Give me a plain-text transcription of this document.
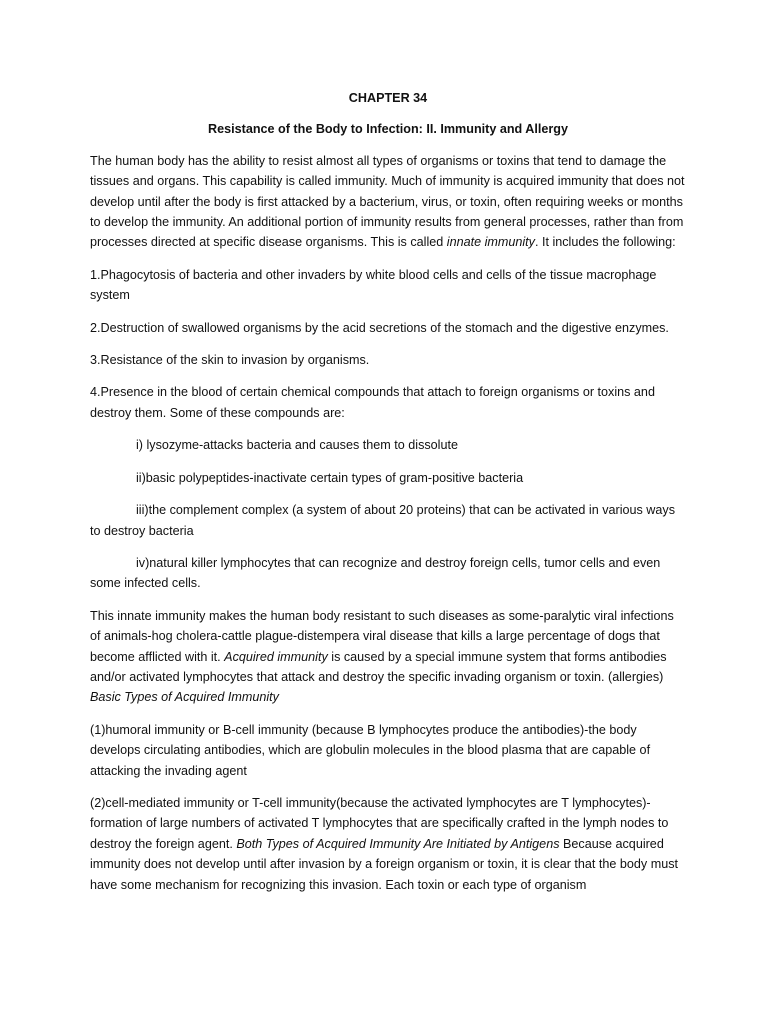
CHAPTER 34

Resistance of the Body to Infection: II. Immunity and Allergy

The human body has the ability to resist almost all types of organisms or toxins that tend to damage the tissues and organs. This capability is called immunity. Much of immunity is acquired immunity that does not develop until after the body is first attacked by a bacterium, virus, or toxin, often requiring weeks or months to develop the immunity. An additional portion of immunity results from general processes, rather than from processes directed at specific disease organisms. This is called innate immunity. It includes the following:

1.Phagocytosis of bacteria and other invaders by white blood cells and cells of the tissue macrophage system

2.Destruction of swallowed organisms by the acid secretions of the stomach and the digestive enzymes.

3.Resistance of the skin to invasion by organisms.

4.Presence in the blood of certain chemical compounds that attach to foreign organisms or toxins and destroy them. Some of these compounds are:

i) lysozyme-attacks bacteria and causes them to dissolute

ii)basic polypeptides-inactivate certain types of gram-positive bacteria

iii)the complement complex (a system of about 20 proteins) that can be activated in various ways to destroy bacteria

iv)natural killer lymphocytes that can recognize and destroy foreign cells, tumor cells and even some infected cells.

This innate immunity makes the human body resistant to such diseases as some-paralytic viral infections of animals-hog cholera-cattle plague-distempera viral disease that kills a large percentage of dogs that become afflicted with it. Acquired immunity is caused by a special immune system that forms antibodies and/or activated lymphocytes that attack and destroy the specific invading organism or toxin. (allergies) Basic Types of Acquired Immunity

(1)humoral immunity or B-cell immunity (because B lymphocytes produce the antibodies)-the body develops circulating antibodies, which are globulin molecules in the blood plasma that are capable of attacking the invading agent

(2)cell-mediated immunity or T-cell immunity(because the activated lymphocytes are T lymphocytes)-formation of large numbers of activated T lymphocytes that are specifically crafted in the lymph nodes to destroy the foreign agent. Both Types of Acquired Immunity Are Initiated by Antigens Because acquired immunity does not develop until after invasion by a foreign organism or toxin, it is clear that the body must have some mechanism for recognizing this invasion. Each toxin or each type of organism
